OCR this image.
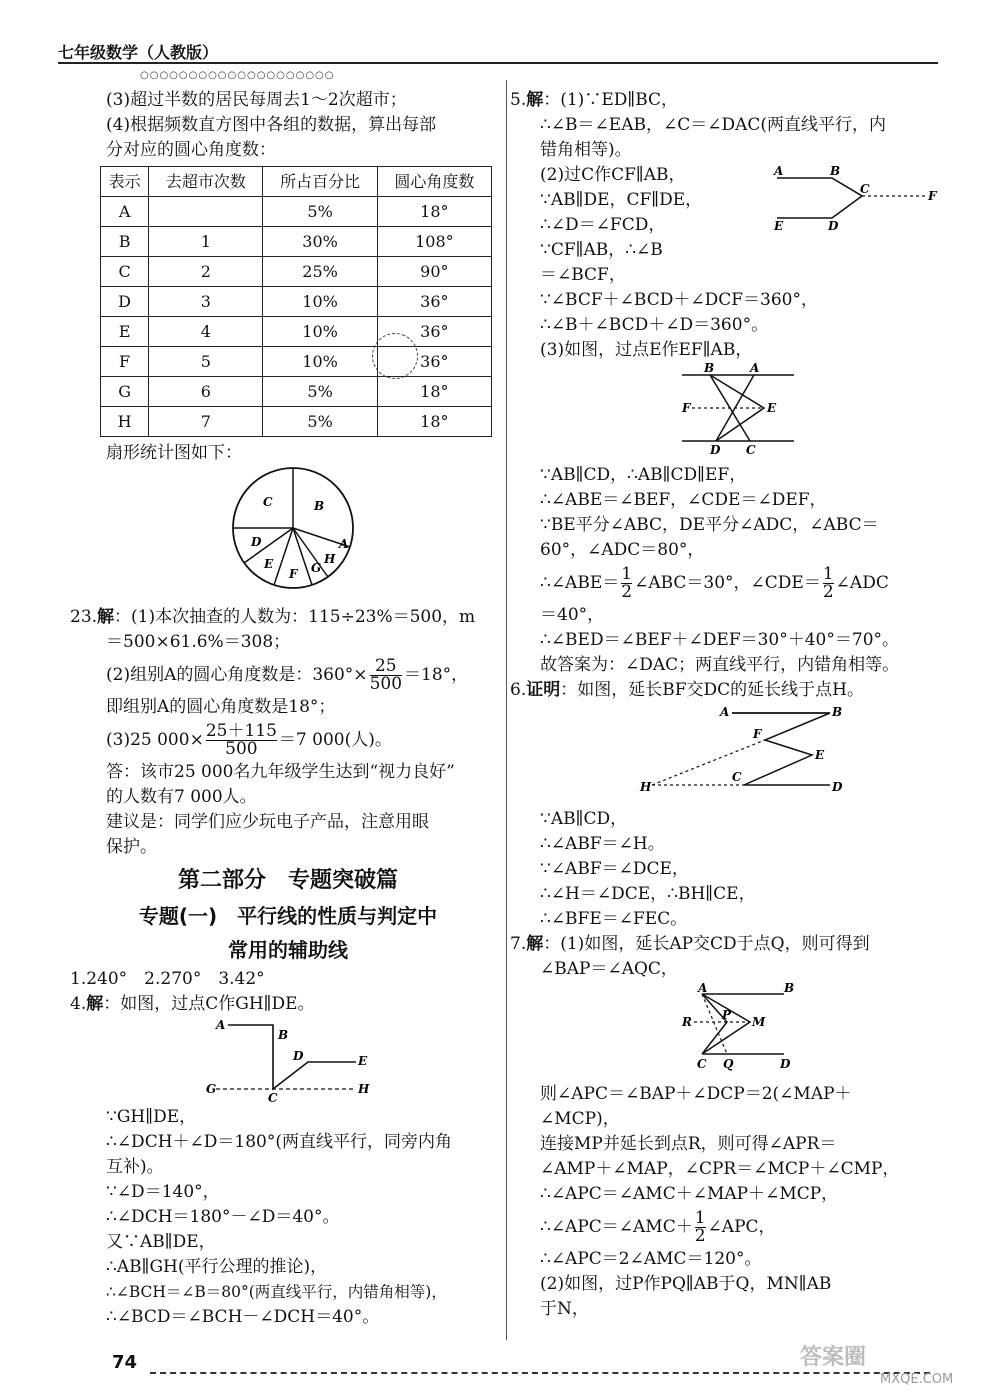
七年级数学（人教版）
○○○○○○○○○○○○○○○○○○○○

(3)超过半数的居民每周去1～2次超市；

(4)根据频数直方图中各组的数据，算出每部

分对应的圆心角度数：

表示	去超市次数	所占百分比	圆心角度数
A		5%	18°
B	1	30%	108°
C	2	25%	90°
D	3	10%	36°
E	4	10%	36°
F	5	10%	36°
G	6	5%	18°
H	7	5%	18°

扇形统计图如下：

C	B
D
E
F G
H
A

23.解：(1)本次抽查的人数为：115÷23%＝500，m

＝500×61.6%＝308；

(2)组别A的圆心角度数是：$360^\circ\times \frac{25}{500} =18^\circ$，

即组别A的圆心角度数是18°；

(3)25 $000\times \frac{25+115}{500} =7$ 000(人)。

答：该市25 000名九年级学生达到“视力良好”

的人数有7 000人。

建议是：同学们应少玩电子产品，注意用眼

保护。

第二部分　专题突破篇
专题(一)　平行线的性质与判定中
常用的辅助线

1.240°　2.270°　3.42°

4.解：如图，过点C作GH∥DE。

A
B
D	E
G
C
H

∵GH∥DE，

∴∠DCH＋∠D＝180°(两直线平行，同旁内角

互补)。

∵∠D＝140°，

∴∠DCH＝180°－∠D＝40°。

又∵AB∥DE，

∴AB∥GH(平行公理的推论)，

∴∠BCH＝∠B＝80°(两直线平行，内错角相等)，

∴∠BCD＝∠BCH－∠DCH＝40°。

5.解：(1)∵ED∥BC，

∴∠B＝∠EAB，∠C＝∠DAC(两直线平行，内

错角相等)。

(2)过C作CF∥AB，

∵AB∥DE，CF∥DE，

∴∠D＝∠FCD，

∵CF∥AB，∴∠B

＝∠BCF，

A	B
C	F
E	D

∵∠BCF＋∠BCD＋∠DCF＝360°，

∴∠B＋∠BCD＋∠D＝360°。

(3)如图，过点E作EF∥AB，

B	A
F	E
D C

∵AB∥CD，∴AB∥CD∥EF，

∴∠ABE＝∠BEF，∠CDE＝∠DEF，

∵BE平分∠ABC，DE平分∠ADC，∠ABC＝

60°，∠ADC＝80°，

∴∠ABE＝ $\frac{1}{2}$ ∠ABC＝30°，∠CDE＝ $\frac{1}{2}$ ∠ADC

＝40°，

∴∠BED＝∠BEF＋∠DEF＝30°＋40°＝70°。

故答案为：∠DAC；两直线平行，内错角相等。

6.证明：如图，延长BF交DC的延长线于点H。

A	B
F
E
C
H	D

∵AB∥CD，

∴∠ABF＝∠H。

∵∠ABF＝∠DCE，

∴∠H＝∠DCE，∴BH∥CE，

∴∠BFE＝∠FEC。

7.解：(1)如图，延长AP交CD于点Q，则可得到

∠BAP＝∠AQC，

A	B
R	P M
C Q	D

则∠APC＝∠BAP＋∠DCP＝2(∠MAP＋

∠MCP)，

连接MP并延长到点R，则可得∠APR＝

∠AMP＋∠MAP，∠CPR＝∠MCP＋∠CMP，

∴∠APC＝∠AMC＋∠MAP＋∠MCP，

∴∠APC＝∠AMC＋ $\frac{1}{2}$ ∠APC，

∴∠APC＝2∠AMC＝120°。

(2)如图，过P作PQ∥AB于Q，MN∥AB

于N，

74	答案圈
MXQE.COM
